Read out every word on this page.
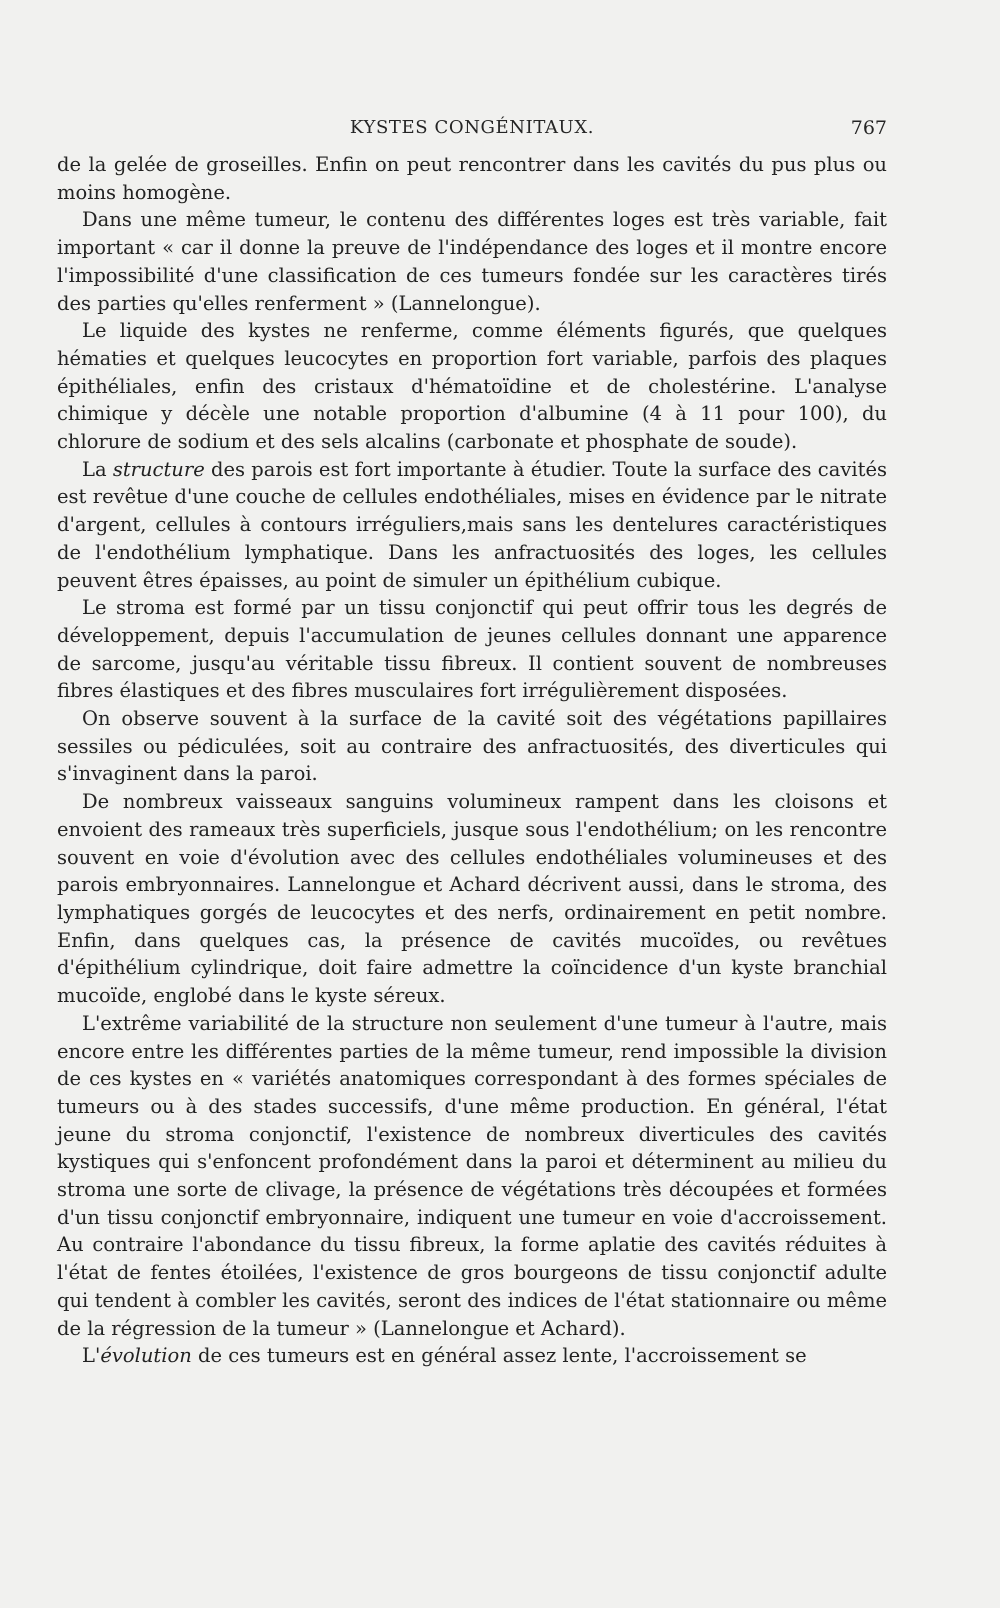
KYSTES CONGÉNITAUX.	767

de la gelée de groseilles. Enfin on peut rencontrer dans les cavités du pus plus ou moins homogène.

Dans une même tumeur, le contenu des différentes loges est très variable, fait important « car il donne la preuve de l'indépendance des loges et il montre encore l'impossibilité d'une classification de ces tumeurs fondée sur les caractères tirés des parties qu'elles renferment » (Lannelongue).

Le liquide des kystes ne renferme, comme éléments figurés, que quelques hématies et quelques leucocytes en proportion fort variable, parfois des plaques épithéliales, enfin des cristaux d'hématoïdine et de cholestérine. L'analyse chimique y décèle une notable proportion d'albumine (4 à 11 pour 100), du chlorure de sodium et des sels alcalins (carbonate et phosphate de soude).

La structure des parois est fort importante à étudier. Toute la surface des cavités est revêtue d'une couche de cellules endothéliales, mises en évidence par le nitrate d'argent, cellules à contours irréguliers,mais sans les dentelures caractéristiques de l'endothélium lymphatique. Dans les anfractuosités des loges, les cellules peuvent êtres épaisses, au point de simuler un épithélium cubique.

Le stroma est formé par un tissu conjonctif qui peut offrir tous les degrés de développement, depuis l'accumulation de jeunes cellules donnant une apparence de sarcome, jusqu'au véritable tissu fibreux. Il contient souvent de nombreuses fibres élastiques et des fibres musculaires fort irrégulièrement disposées.

On observe souvent à la surface de la cavité soit des végétations papillaires sessiles ou pédiculées, soit au contraire des anfractuosités, des diverticules qui s'invaginent dans la paroi.

De nombreux vaisseaux sanguins volumineux rampent dans les cloisons et envoient des rameaux très superficiels, jusque sous l'endothélium; on les rencontre souvent en voie d'évolution avec des cellules endothéliales volumineuses et des parois embryonnaires. Lannelongue et Achard décrivent aussi, dans le stroma, des lymphatiques gorgés de leucocytes et des nerfs, ordinairement en petit nombre. Enfin, dans quelques cas, la présence de cavités mucoïdes, ou revêtues d'épithélium cylindrique, doit faire admettre la coïncidence d'un kyste branchial mucoïde, englobé dans le kyste séreux.

L'extrême variabilité de la structure non seulement d'une tumeur à l'autre, mais encore entre les différentes parties de la même tumeur, rend impossible la division de ces kystes en « variétés anatomiques correspondant à des formes spéciales de tumeurs ou à des stades successifs, d'une même production. En général, l'état jeune du stroma conjonctif, l'existence de nombreux diverticules des cavités kystiques qui s'enfoncent profondément dans la paroi et déterminent au milieu du stroma une sorte de clivage, la présence de végétations très découpées et formées d'un tissu conjonctif embryonnaire, indiquent une tumeur en voie d'accroissement. Au contraire l'abondance du tissu fibreux, la forme aplatie des cavités réduites à l'état de fentes étoilées, l'existence de gros bourgeons de tissu conjonctif adulte qui tendent à combler les cavités, seront des indices de l'état stationnaire ou même de la régression de la tumeur » (Lannelongue et Achard).

L'évolution de ces tumeurs est en général assez lente, l'accroissement se
